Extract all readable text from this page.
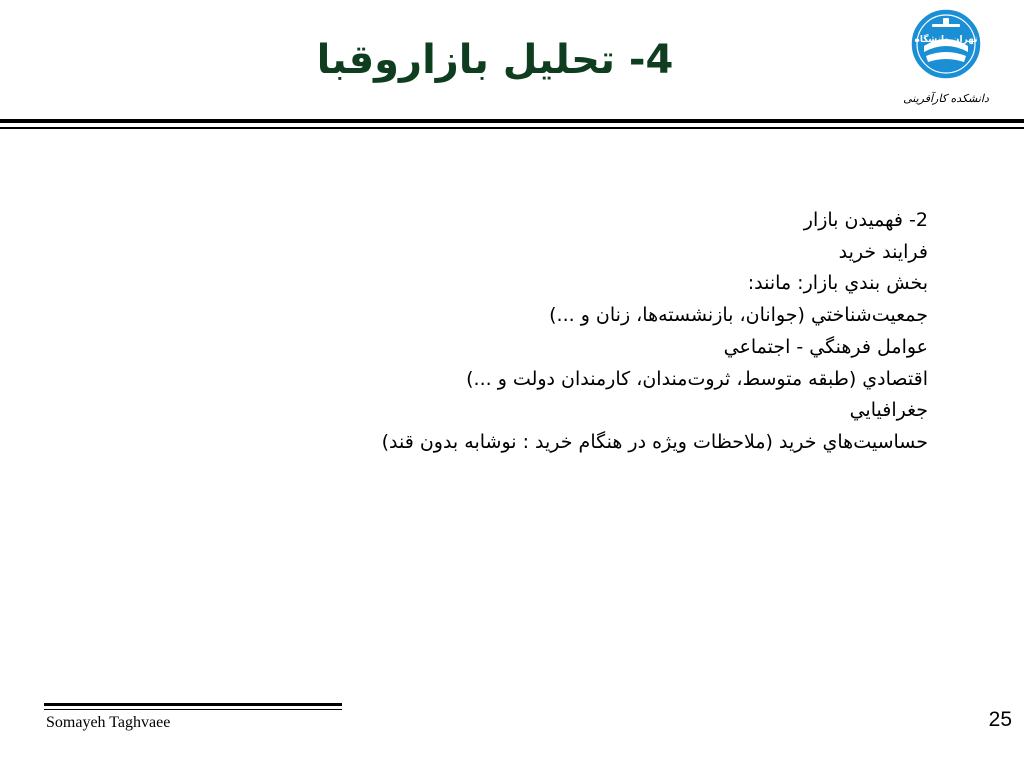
4- تحليل بازاروقبا	تهران دانشگاه
دانشکده کارآفرینی
2- فهميدن بازار
فرايند خريد
بخش بندي بازار: مانند:
جمعيت‌شناختي (جوانان، بازنشسته‌ها، زنان و ...)
عوامل فرهنگي - اجتماعي
اقتصادي (طبقه متوسط، ثروت‌مندان، كارمندان دولت و ...)
جغرافيايي
حساسيت‌هاي خريد (ملاحظات ويژه در هنگام خريد : نوشابه بدون قند)
Somayeh Taghvaee	25
